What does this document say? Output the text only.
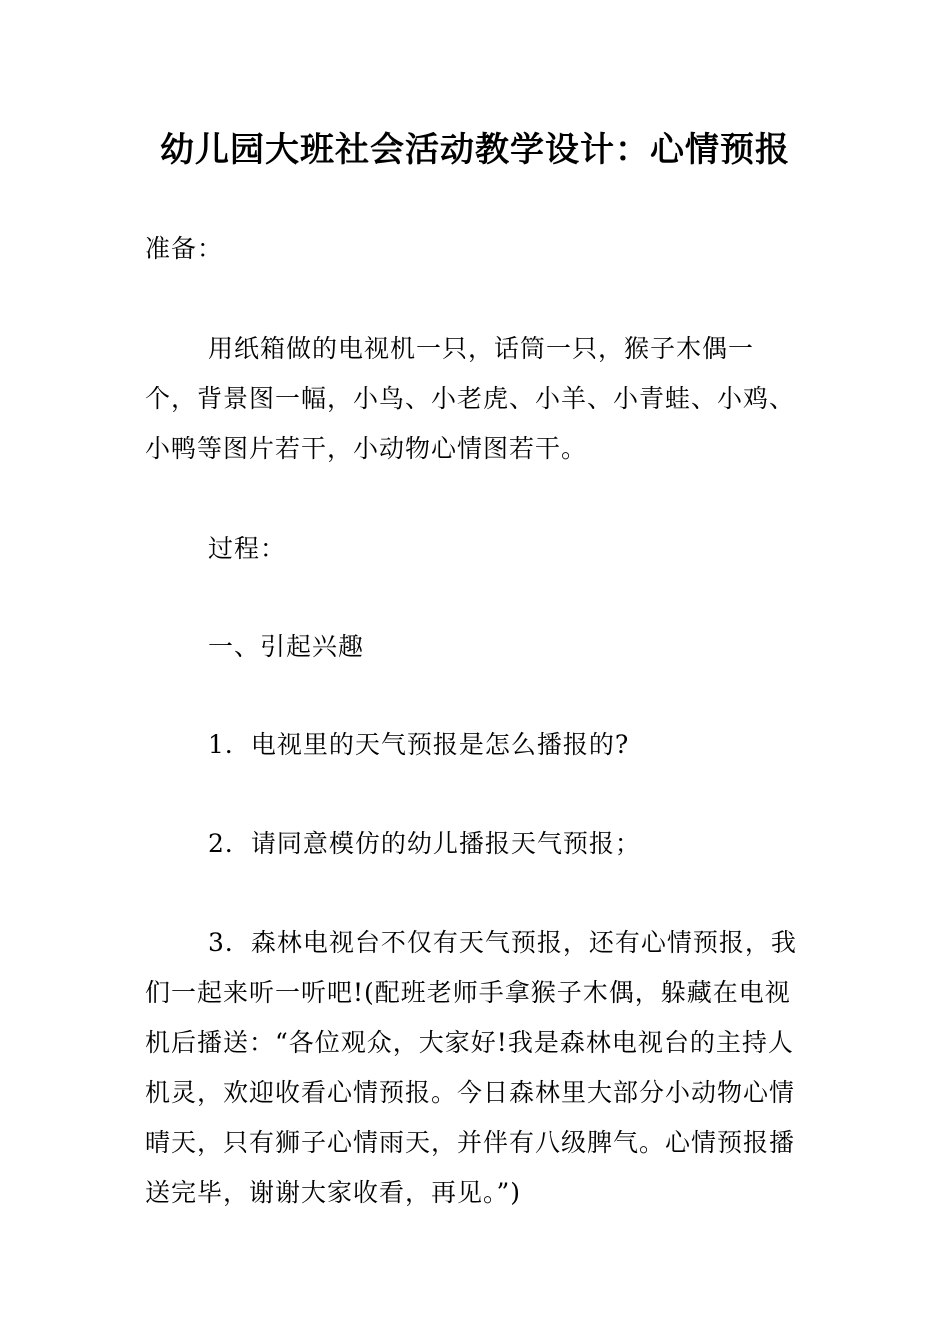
幼儿园大班社会活动教学设计：心情预报

准备：

用纸箱做的电视机一只，话筒一只，猴子木偶一个，背景图一幅，小鸟、小老虎、小羊、小青蛙、小鸡、小鸭等图片若干，小动物心情图若干。

过程：

一、引起兴趣

1．电视里的天气预报是怎么播报的?

2．请同意模仿的幼儿播报天气预报；

3．森林电视台不仅有天气预报，还有心情预报，我们一起来听一听吧!(配班老师手拿猴子木偶，躲藏在电视机后播送：“各位观众，大家好!我是森林电视台的主持人机灵，欢迎收看心情预报。今日森林里大部分小动物心情晴天，只有狮子心情雨天，并伴有八级脾气。心情预报播送完毕，谢谢大家收看，再见。”)
